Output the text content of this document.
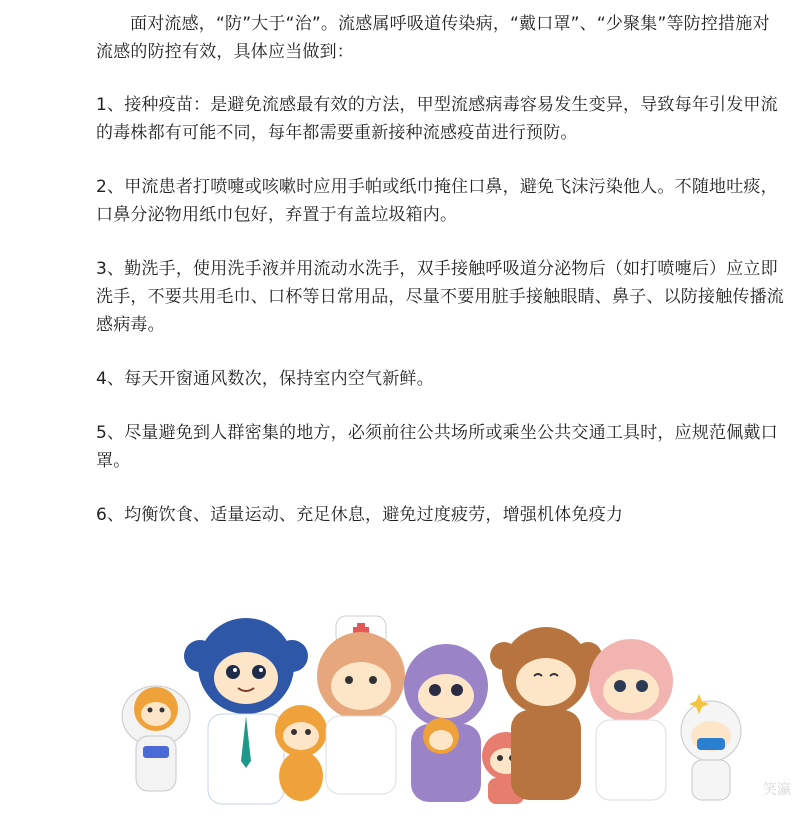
面对流感，“防”大于“治”。流感属呼吸道传染病，“戴口罩”、“少聚集”等防控措施对流感的防控有效，具体应当做到：

1、接种疫苗：是避免流感最有效的方法，甲型流感病毒容易发生变异，导致每年引发甲流的毒株都有可能不同，每年都需要重新接种流感疫苗进行预防。

2、甲流患者打喷嚏或咳嗽时应用手帕或纸巾掩住口鼻，避免飞沫污染他人。不随地吐痰，口鼻分泌物用纸巾包好，弃置于有盖垃圾箱内。

3、勤洗手，使用洗手液并用流动水洗手，双手接触呼吸道分泌物后（如打喷嚏后）应立即洗手，不要共用毛巾、口杯等日常用品，尽量不要用脏手接触眼睛、鼻子、以防接触传播流感病毒。

4、每天开窗通风数次，保持室内空气新鲜。

5、尽量避免到人群密集的地方，必须前往公共场所或乘坐公共交通工具时，应规范佩戴口罩。

6、均衡饮食、适量运动、充足休息，避免过度疲劳，增强机体免疫力

笑瀛
